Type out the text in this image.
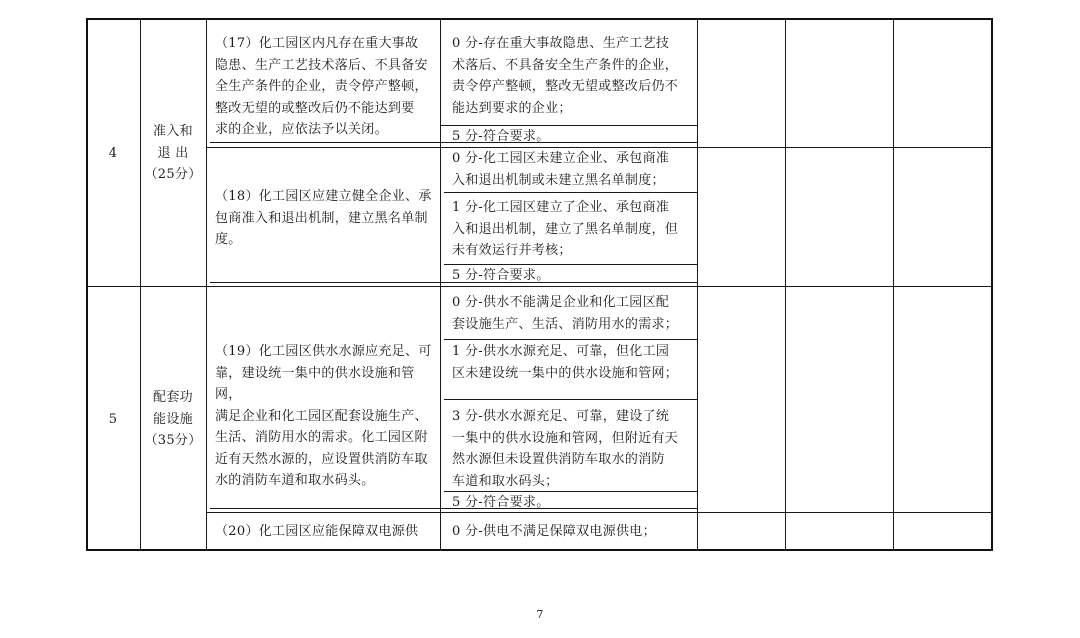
4
准入和
退 出
（25分）
（17）化工园区内凡存在重大事故
隐患、生产工艺技术落后、不具备安
全生产条件的企业，责令停产整顿，
整改无望的或整改后仍不能达到要
求的企业，应依法予以关闭。
0 分-存在重大事故隐患、生产工艺技
术落后、不具备安全生产条件的企业，
责令停产整顿，整改无望或整改后仍不
能达到要求的企业；
5 分-符合要求。
（18）化工园区应建立健全企业、承
包商准入和退出机制，建立黑名单制
度。
0 分-化工园区未建立企业、承包商准
入和退出机制或未建立黑名单制度；
1 分-化工园区建立了企业、承包商准
入和退出机制，建立了黑名单制度，但
未有效运行并考核；
5 分-符合要求。
5
配套功
能设施
（35分）
（19）化工园区供水水源应充足、可
靠，建设统一集中的供水设施和管网，
满足企业和化工园区配套设施生产、
生活、消防用水的需求。化工园区附
近有天然水源的，应设置供消防车取
水的消防车道和取水码头。
0 分-供水不能满足企业和化工园区配
套设施生产、生活、消防用水的需求；
1 分-供水水源充足、可靠，但化工园
区未建设统一集中的供水设施和管网；
3 分-供水水源充足、可靠，建设了统
一集中的供水设施和管网，但附近有天
然水源但未设置供消防车取水的消防
车道和取水码头；
5 分-符合要求。
（20）化工园区应能保障双电源供	0 分-供电不满足保障双电源供电；
7
